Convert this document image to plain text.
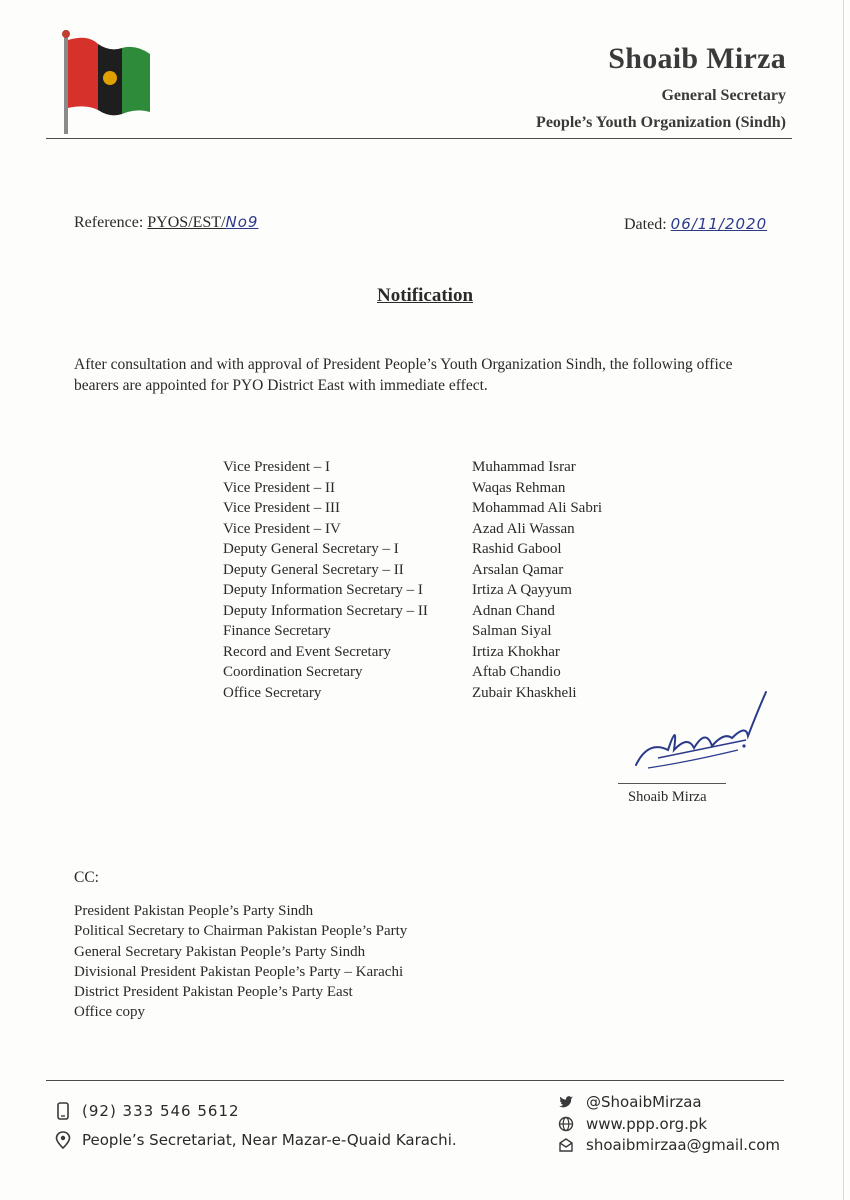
Shoaib Mirza
General Secretary
People’s Youth Organization (Sindh)
Reference: PYOS/EST/No9	Dated: 06/11/2020
Notification
After consultation and with approval of President People’s Youth Organization Sindh, the following office bearers are appointed for PYO District East with immediate effect.
Vice President – I
Vice President – II
Vice President – III
Vice President – IV
Deputy General Secretary – I
Deputy General Secretary – II
Deputy Information Secretary – I
Deputy Information Secretary – II
Finance Secretary
Record and Event Secretary
Coordination Secretary
Office Secretary
Muhammad Israr
Waqas Rehman
Mohammad Ali Sabri
Azad Ali Wassan
Rashid Gabool
Arsalan Qamar
Irtiza A Qayyum
Adnan Chand
Salman Siyal
Irtiza Khokhar
Aftab Chandio
Zubair Khaskheli
Shoaib Mirza
CC:
President Pakistan People’s Party Sindh
Political Secretary to Chairman Pakistan People’s Party
General Secretary Pakistan People’s Party Sindh
Divisional President Pakistan People’s Party – Karachi
District President Pakistan People’s Party East
Office copy
(92) 333 546 5612
People’s Secretariat, Near Mazar-e-Quaid Karachi.
@ShoaibMirzaa
www.ppp.org.pk
shoaibmirzaa@gmail.com
